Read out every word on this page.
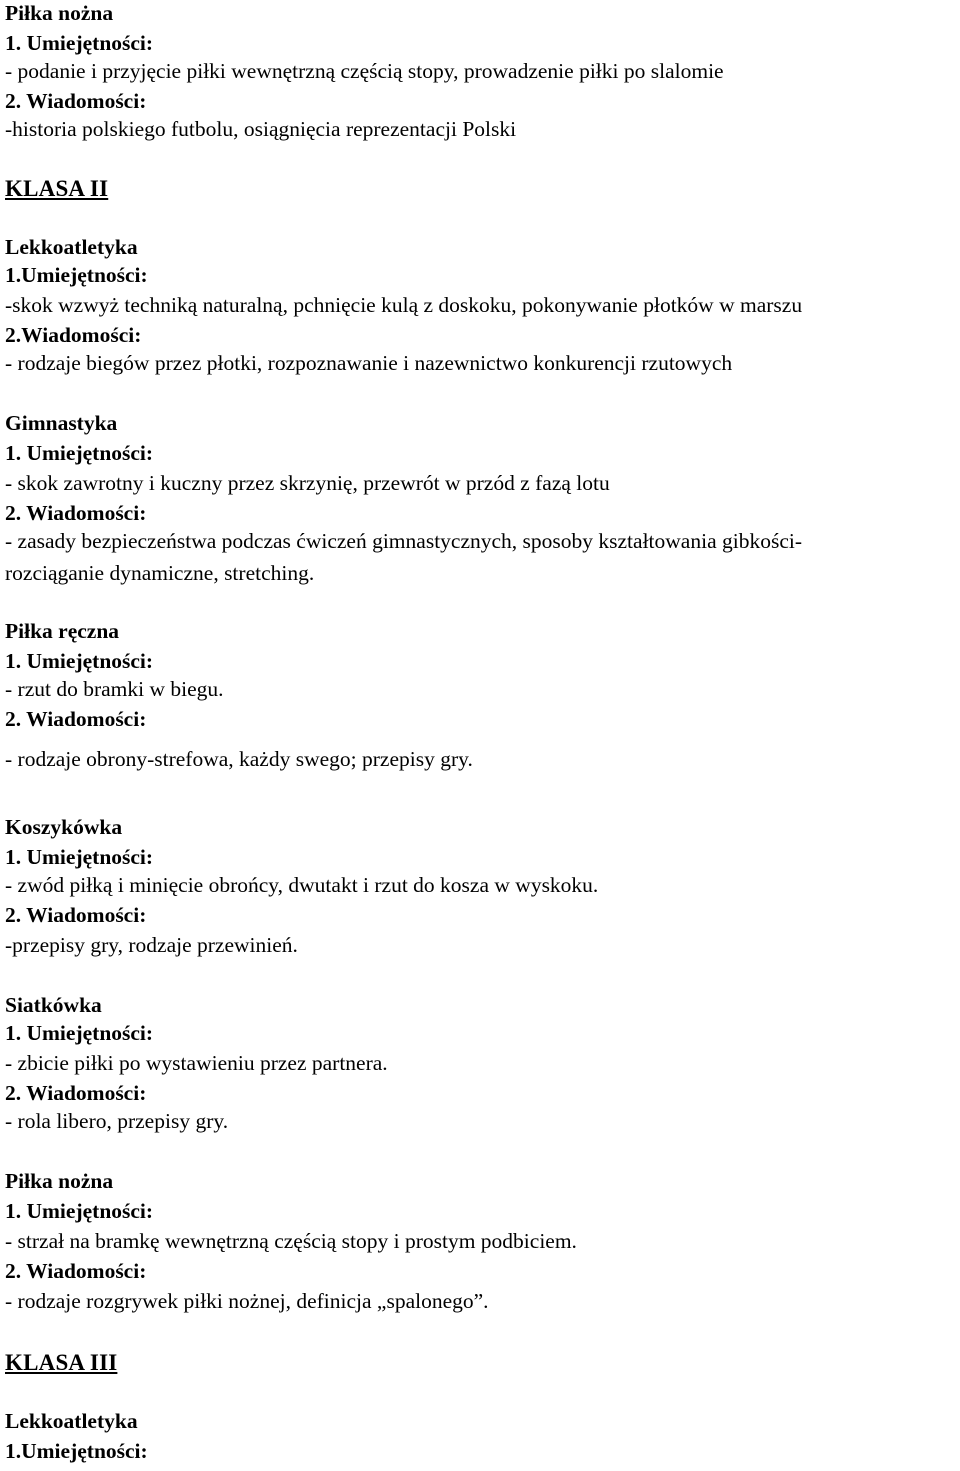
Piłka nożna
1. Umiejętności:
- podanie i przyjęcie piłki wewnętrzną częścią stopy, prowadzenie piłki po slalomie
2. Wiadomości:
-historia polskiego futbolu, osiągnięcia reprezentacji Polski
KLASA II
Lekkoatletyka
1.Umiejętności:
-skok wzwyż techniką naturalną, pchnięcie kulą z doskoku, pokonywanie płotków w marszu
2.Wiadomości:
- rodzaje biegów przez płotki, rozpoznawanie i nazewnictwo konkurencji rzutowych
Gimnastyka
1. Umiejętności:
- skok zawrotny i kuczny przez skrzynię, przewrót w przód z fazą lotu
2. Wiadomości:
- zasady bezpieczeństwa podczas ćwiczeń gimnastycznych, sposoby kształtowania gibkości-
rozciąganie dynamiczne, stretching.
Piłka ręczna
1. Umiejętności:
- rzut do bramki w biegu.
2. Wiadomości:
- rodzaje obrony-strefowa, każdy swego; przepisy gry.
Koszykówka
1. Umiejętności:
- zwód piłką i minięcie obrońcy, dwutakt i rzut do kosza w wyskoku.
2. Wiadomości:
-przepisy gry, rodzaje przewinień.
Siatkówka
1. Umiejętności:
- zbicie piłki po wystawieniu przez partnera.
2. Wiadomości:
- rola libero, przepisy gry.
Piłka nożna
1. Umiejętności:
- strzał na bramkę wewnętrzną częścią stopy i prostym podbiciem.
2. Wiadomości:
- rodzaje rozgrywek piłki nożnej, definicja „spalonego”.
KLASA III
Lekkoatletyka
1.Umiejętności:
